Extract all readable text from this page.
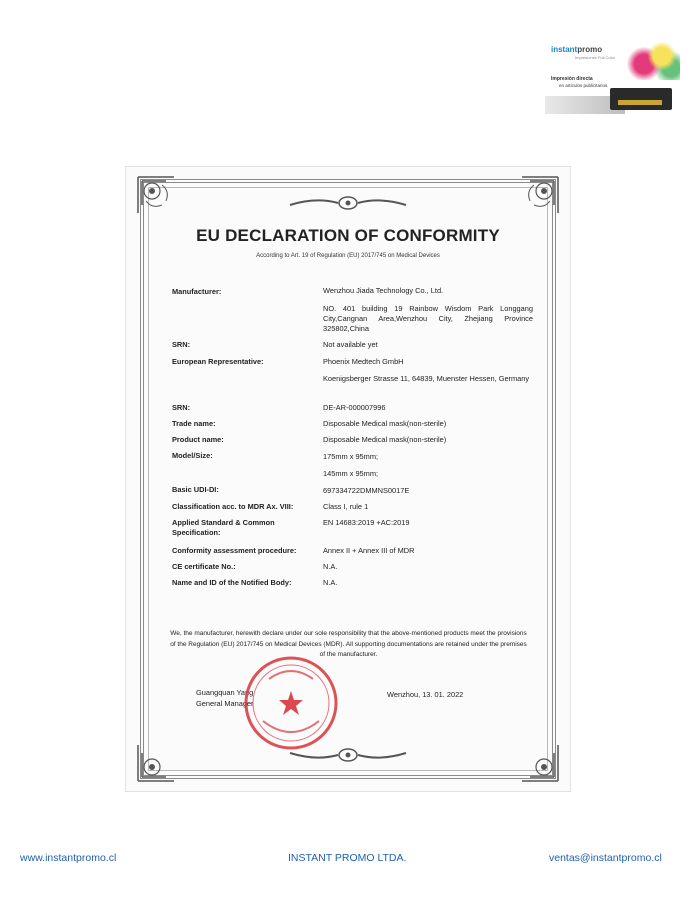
instantpromo
Impresiones Full Color
Impresión directa
en artículos publicitarios.
EU DECLARATION OF CONFORMITY
According to Art. 19 of Regulation (EU) 2017/745 on Medical Devices
Manufacturer:	Wenzhou Jiada Technology Co., Ltd.
NO. 401 building 19 Rainbow Wisdom Park Longgang City,Cangnan Area,Wenzhou City, Zhejiang Province 325802,China
SRN:	Not available yet
European Representative:	Phoenix Medtech GmbH
Koenigsberger Strasse 11, 64839, Muenster Hessen, Germany
SRN:	DE-AR-000007996
Trade name:	Disposable Medical mask(non-sterile)
Product name:	Disposable Medical mask(non-sterile)
Model/Size:	175mm x 95mm;
145mm x 95mm;
Basic UDI-DI:	697334722DMMNS0017E
Classification acc. to MDR Ax. VIII:	Class I, rule 1
Applied Standard & Common
Specification:
EN 14683:2019 +AC:2019
Conformity assessment procedure:	Annex II + Annex III of MDR
CE certificate No.:	N.A.
Name and ID of the Notified Body:	N.A.
We, the manufacturer, herewith declare under our sole responsibility that the above-mentioned products meet the provisions of the Regulation (EU) 2017/745 on Medical Devices (MDR). All supporting documentations are retained under the premises of the manufacturer.
Guangquan Yang
General Manager
Wenzhou, 13. 01. 2022
www.instantpromo.cl	INSTANT PROMO LTDA.	ventas@instantpromo.cl
